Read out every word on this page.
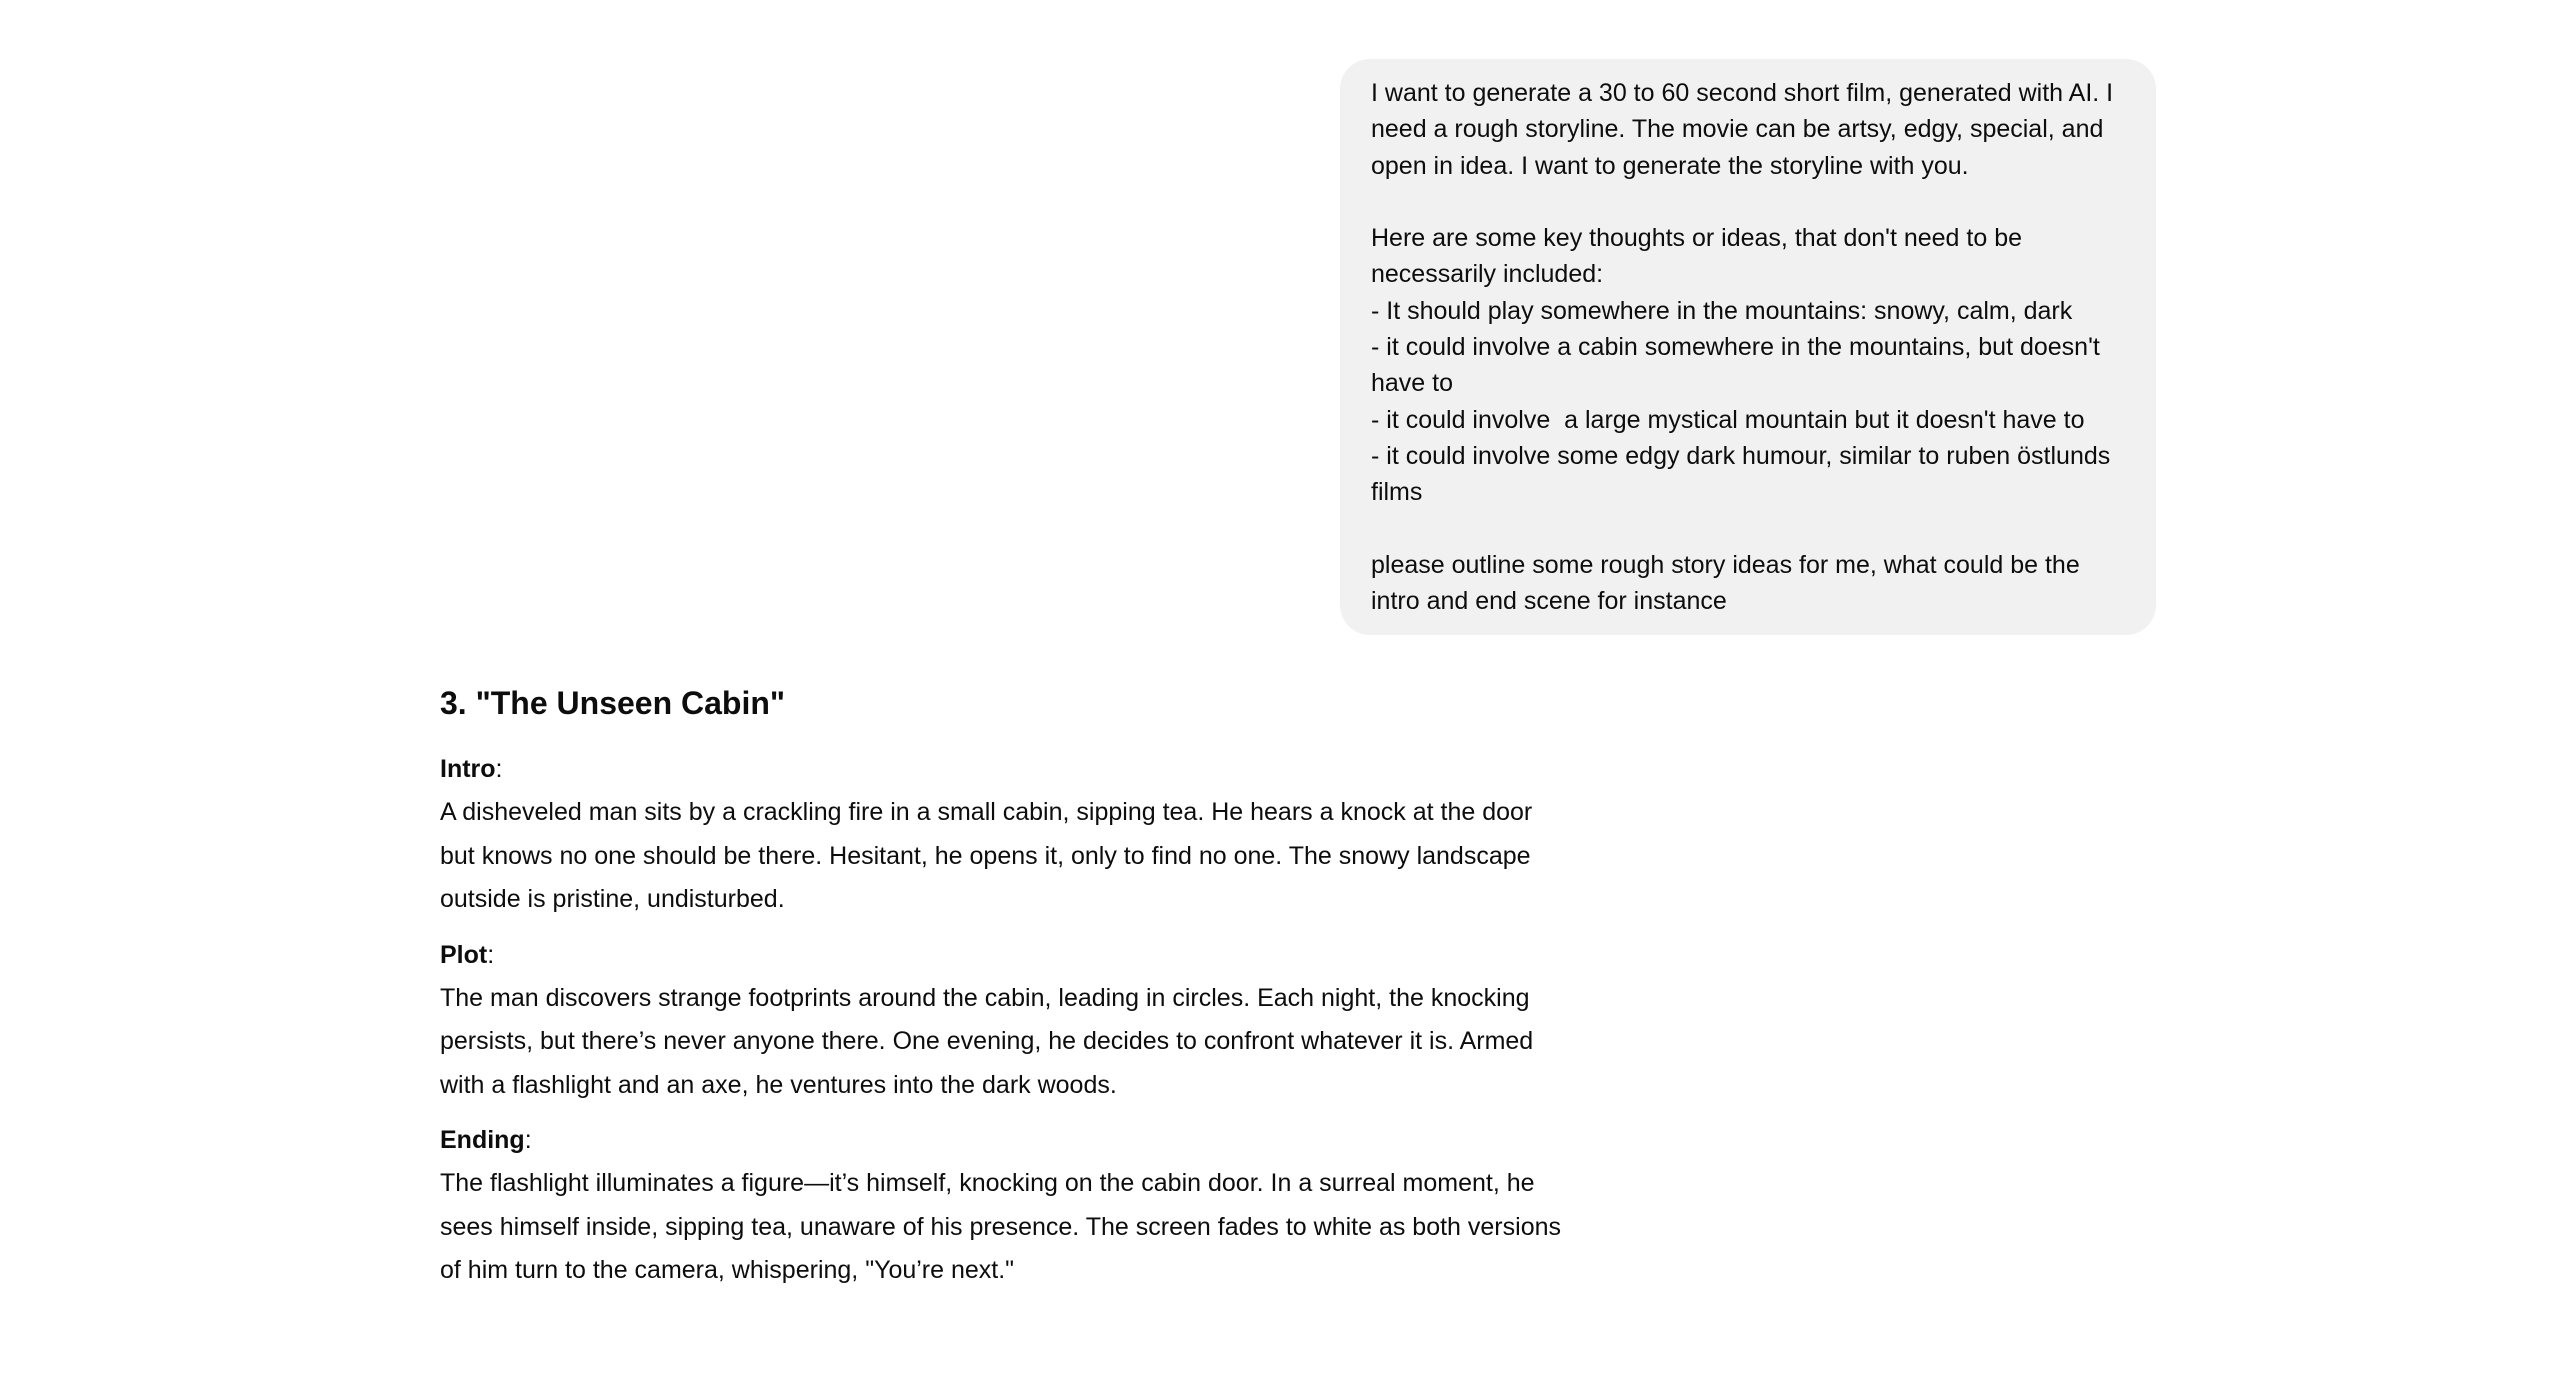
I want to generate a 30 to 60 second short film, generated with AI. I need a rough storyline. The movie can be artsy, edgy, special, and open in idea. I want to generate the storyline with you.

Here are some key thoughts or ideas, that don't need to be necessarily included:
- It should play somewhere in the mountains: snowy, calm, dark
- it could involve a cabin somewhere in the mountains, but doesn't have to
- it could involve  a large mystical mountain but it doesn't have to
- it could involve some edgy dark humour, similar to ruben östlunds films

please outline some rough story ideas for me, what could be the intro and end scene for instance
3. "The Unseen Cabin"

Intro:

A disheveled man sits by a crackling fire in a small cabin, sipping tea. He hears a knock at the door but knows no one should be there. Hesitant, he opens it, only to find no one. The snowy landscape outside is pristine, undisturbed.

Plot:

The man discovers strange footprints around the cabin, leading in circles. Each night, the knocking persists, but there’s never anyone there. One evening, he decides to confront whatever it is. Armed with a flashlight and an axe, he ventures into the dark woods.

Ending:

The flashlight illuminates a figure—it’s himself, knocking on the cabin door. In a surreal moment, he sees himself inside, sipping tea, unaware of his presence. The screen fades to white as both versions of him turn to the camera, whispering, "You’re next."
